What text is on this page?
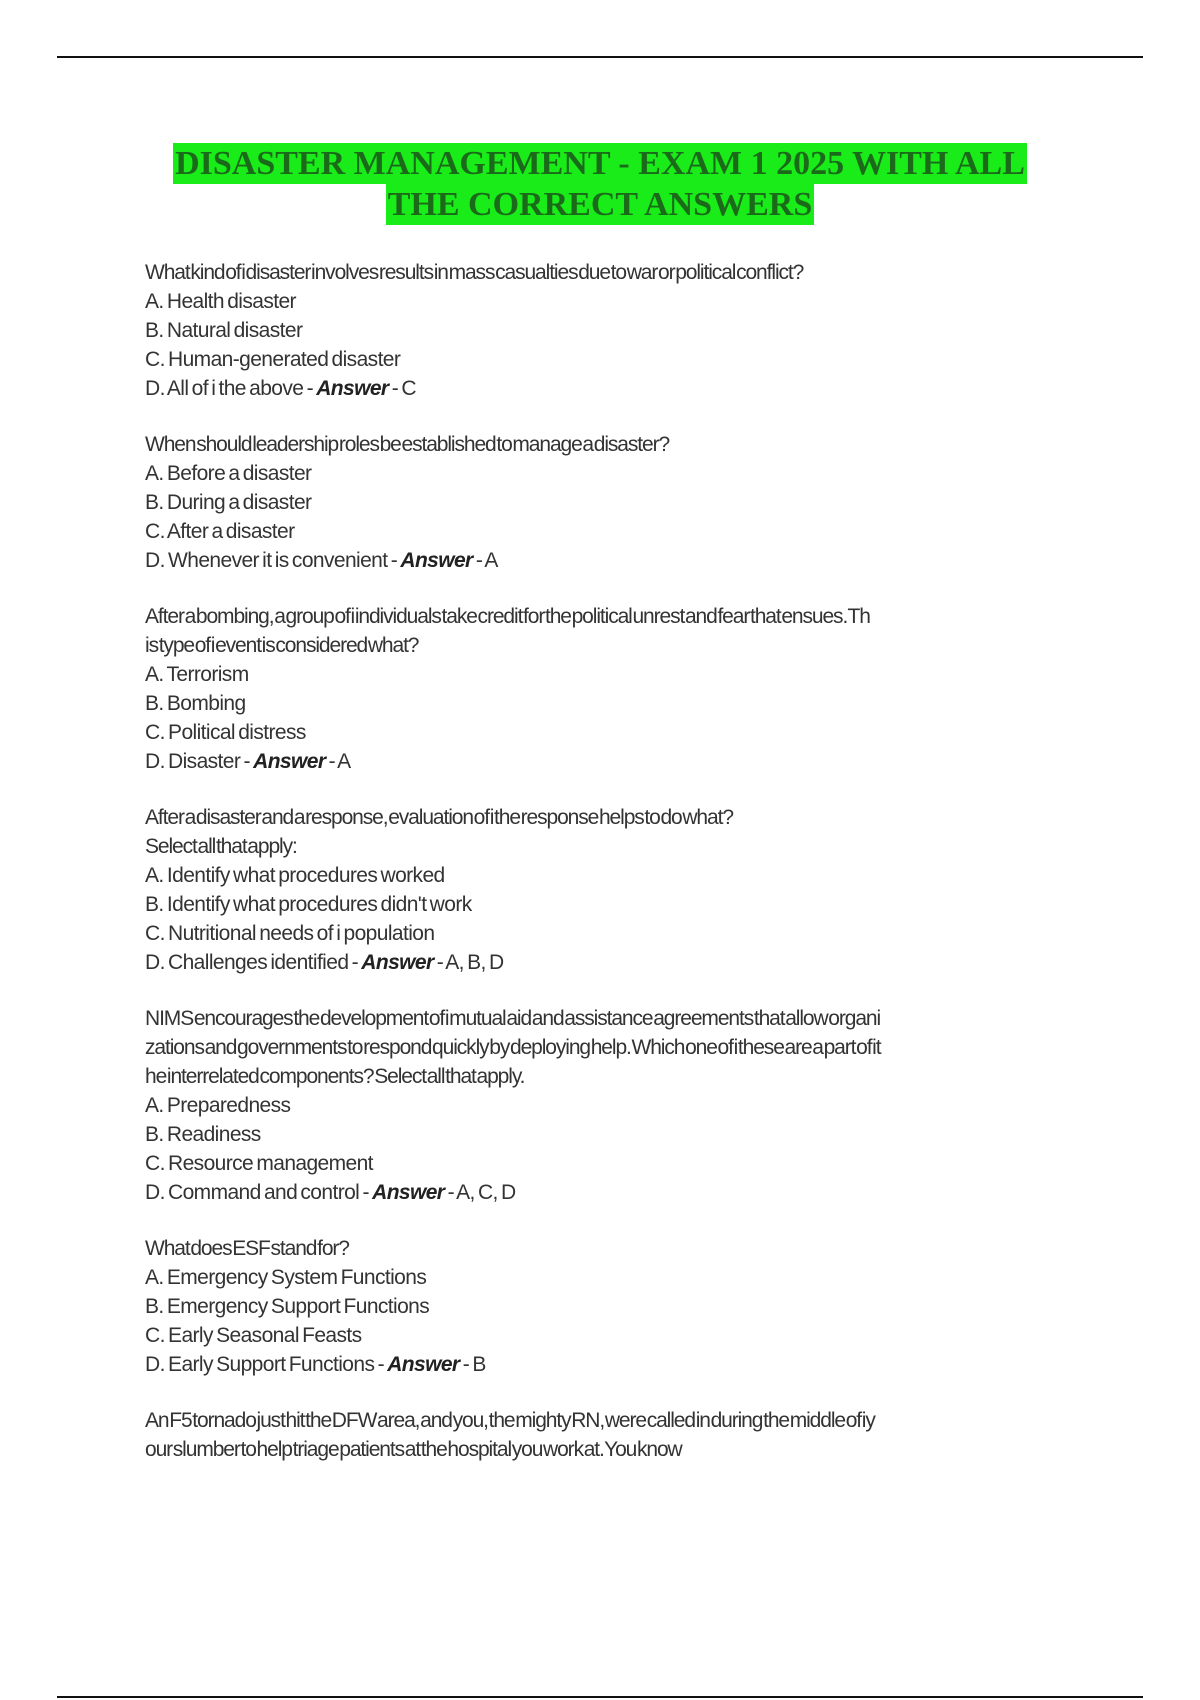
DISASTER MANAGEMENT - EXAM 1 2025 WITH ALL
THE CORRECT ANSWERS
What kind of i disaster involves results in mass casualties due to war or political conflict?
A. Health disaster
B. Natural disaster
C. Human-generated disaster
D. All of i the above - Answer - C
When should leadership roles be established to manage a disaster?
A. Before a disaster
B. During a disaster
C. After a disaster
D. Whenever it is convenient - Answer - A
After a bombing, a group of i individuals take credit for the political unrest and fear that ensues. Th
is type of i event is considered what?
A. Terrorism
B. Bombing
C. Political distress
D. Disaster - Answer - A
After a disaster and a response, evaluation of i the response helps to do what?
Select all that apply:
A. Identify what procedures worked
B. Identify what procedures didn't work
C. Nutritional needs of i population
D. Challenges identified - Answer - A, B, D
NIMS encourages the development of i mutual aid and assistance agreements that allow organi
zations and governments to respond quickly by deploying help. Which one of i these are a part of it
he interrelated components? Select all that apply.
A. Preparedness
B. Readiness
C. Resource management
D. Command and control - Answer - A, C, D
What does ESF stand for?
A. Emergency System Functions
B. Emergency Support Functions
C. Early Seasonal Feasts
D. Early Support Functions - Answer - B
An F5 tornado just hit the DFW area, and you, the mighty RN, were called in during the middle of iy
our slumber to help triage patients at the hospital you work at. You know
